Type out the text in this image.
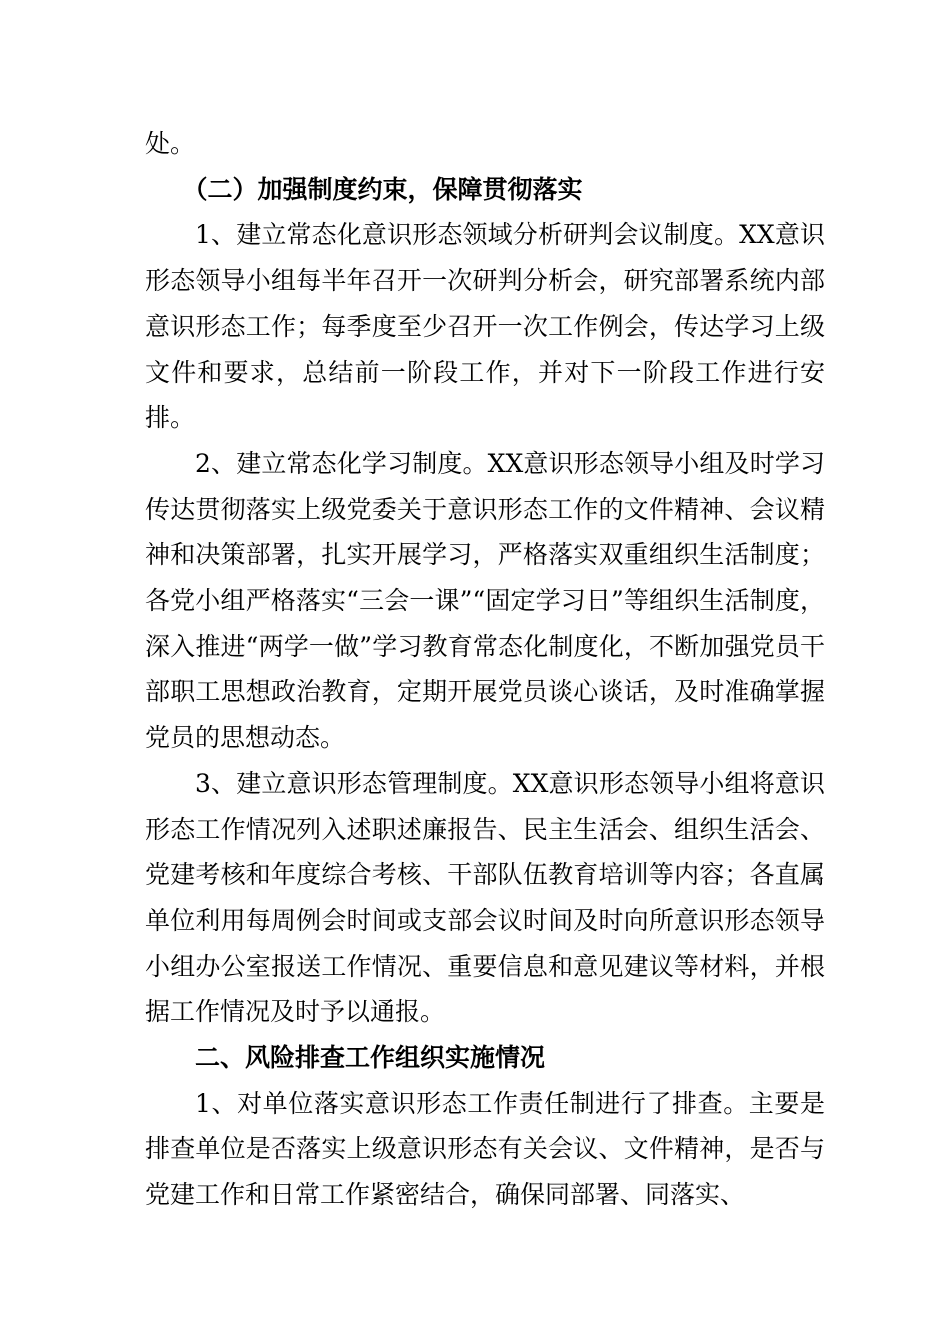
处。

（二）加强制度约束，保障贯彻落实

1、建立常态化意识形态领域分析研判会议制度。XX意识形态领导小组每半年召开一次研判分析会，研究部署系统内部意识形态工作；每季度至少召开一次工作例会，传达学习上级文件和要求，总结前一阶段工作，并对下一阶段工作进行安排。

2、建立常态化学习制度。XX意识形态领导小组及时学习传达贯彻落实上级党委关于意识形态工作的文件精神、会议精神和决策部署，扎实开展学习，严格落实双重组织生活制度；各党小组严格落实“三会一课”“固定学习日”等组织生活制度，深入推进“两学一做”学习教育常态化制度化，不断加强党员干部职工思想政治教育，定期开展党员谈心谈话，及时准确掌握党员的思想动态。

3、建立意识形态管理制度。XX意识形态领导小组将意识形态工作情况列入述职述廉报告、民主生活会、组织生活会、党建考核和年度综合考核、干部队伍教育培训等内容；各直属单位利用每周例会时间或支部会议时间及时向所意识形态领导小组办公室报送工作情况、重要信息和意见建议等材料，并根据工作情况及时予以通报。

二、风险排查工作组织实施情况

1、对单位落实意识形态工作责任制进行了排查。主要是排查单位是否落实上级意识形态有关会议、文件精神，是否与党建工作和日常工作紧密结合，确保同部署、同落实、
